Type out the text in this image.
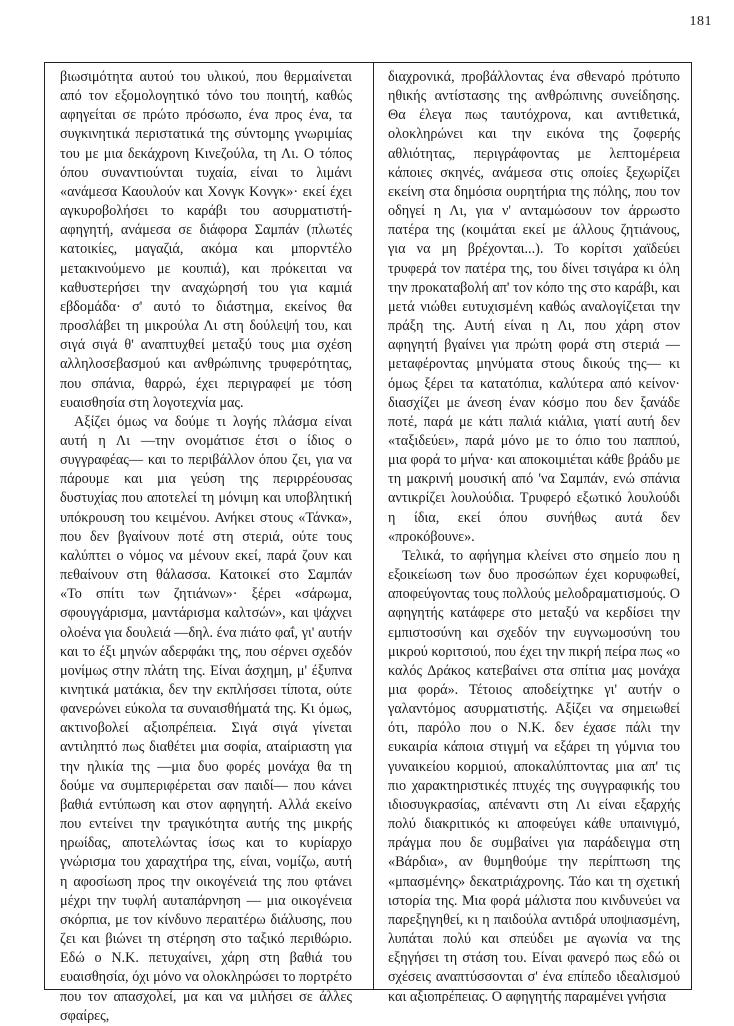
181

βιωσιμότητα αυτού του υλικού, που θερμαίνεται από τον εξομολογητικό τόνο του ποιητή, καθώς αφηγείται σε πρώτο πρόσωπο, ένα προς ένα, τα συγκινητικά περιστατικά της σύντομης γνωριμίας του με μια δεκάχρονη Κινεζούλα, τη Λι. Ο τόπος όπου συναντιούνται τυχαία, είναι το λιμάνι «ανάμεσα Καουλούν και Χονγκ Κονγκ»· εκεί έχει αγκυροβολήσει το καράβι του ασυρματιστή-αφηγητή, ανάμεσα σε διάφορα Σαμπάν (πλωτές κατοικίες, μαγαζιά, ακόμα και μπορντέλο μετακινούμενο με κουπιά), και πρόκειται να καθυστερήσει την αναχώρησή του για καμιά εβδομάδα· σ' αυτό το διάστημα, εκείνος θα προσλάβει τη μικρούλα Λι στη δούλεψή του, και σιγά σιγά θ' αναπτυχθεί μεταξύ τους μια σχέση αλληλοσεβασμού και ανθρώπινης τρυφερότητας, που σπάνια, θαρρώ, έχει περιγραφεί με τόση ευαισθησία στη λογοτεχνία μας.

Αξίζει όμως να δούμε τι λογής πλάσμα είναι αυτή η Λι —την ονομάτισε έτσι ο ίδιος ο συγγραφέας— και το περιβάλλον όπου ζει, για να πάρουμε και μια γεύση της περιρρέουσας δυστυχίας που αποτελεί τη μόνιμη και υποβλητική υπόκρουση του κειμένου. Ανήκει στους «Τάνκα», που δεν βγαίνουν ποτέ στη στεριά, ούτε τους καλύπτει ο νόμος να μένουν εκεί, παρά ζουν και πεθαίνουν στη θάλασσα. Κατοικεί στο Σαμπάν «Το σπίτι των ζητιάνων»· ξέρει «σάρωμα, σφουγγάρισμα, μαντάρισμα καλτσών», και ψάχνει ολοένα για δουλειά —δηλ. ένα πιάτο φαΐ, γι' αυτήν και το έξι μηνών αδερφάκι της, που σέρνει σχεδόν μονίμως στην πλάτη της. Είναι άσχημη, μ' έξυπνα κινητικά ματάκια, δεν την εκπλήσσει τίποτα, ούτε φανερώνει εύκολα τα συναισθήματά της. Κι όμως, ακτινοβολεί αξιοπρέπεια. Σιγά σιγά γίνεται αντιληπτό πως διαθέτει μια σοφία, αταίριαστη για την ηλικία της —μια δυο φορές μονάχα θα τη δούμε να συμπεριφέρεται σαν παιδί— που κάνει βαθιά εντύπωση και στον αφηγητή. Αλλά εκείνο που εντείνει την τραγικότητα αυτής της μικρής ηρωίδας, αποτελώντας ίσως και το κυρίαρχο γνώρισμα του χαραχτήρα της, είναι, νομίζω, αυτή η αφοσίωση προς την οικογένειά της που φτάνει μέχρι την τυφλή αυταπάρνηση — μια οικογένεια σκόρπια, με τον κίνδυνο περαιτέρω διάλυσης, που ζει και βιώνει τη στέρηση στο ταξικό περιθώριο. Εδώ ο Ν.Κ. πετυχαίνει, χάρη στη βαθιά του ευαισθησία, όχι μόνο να ολοκληρώσει το πορτρέτο που τον απασχολεί, μα και να μιλήσει σε άλλες σφαίρες,

διαχρονικά, προβάλλοντας ένα σθεναρό πρότυπο ηθικής αντίστασης της ανθρώπινης συνείδησης. Θα έλεγα πως ταυτόχρονα, και αντιθετικά, ολοκληρώνει και την εικόνα της ζοφερής αθλιότητας, περιγράφοντας με λεπτομέρεια κάποιες σκηνές, ανάμεσα στις οποίες ξεχωρίζει εκείνη στα δημόσια ουρητήρια της πόλης, που τον οδηγεί η Λι, για ν' ανταμώσουν τον άρρωστο πατέρα της (κοιμάται εκεί με άλλους ζητιάνους, για να μη βρέχονται...). Το κορίτσι χαϊδεύει τρυφερά τον πατέρα της, του δίνει τσιγάρα κι όλη την προκαταβολή απ' τον κόπο της στο καράβι, και μετά νιώθει ευτυχισμένη καθώς αναλογίζεται την πράξη της. Αυτή είναι η Λι, που χάρη στον αφηγητή βγαίνει για πρώτη φορά στη στεριά —μεταφέροντας μηνύματα στους δικούς της— κι όμως ξέρει τα κατατόπια, καλύτερα από κείνον· διασχίζει με άνεση έναν κόσμο που δεν ξανάδε ποτέ, παρά με κάτι παλιά κιάλια, γιατί αυτή δεν «ταξιδεύει», παρά μόνο με το όπιο του παππού, μια φορά το μήνα· και αποκοιμιέται κάθε βράδυ με τη μακρινή μουσική από 'να Σαμπάν, ενώ σπάνια αντικρίζει λουλούδια. Τρυφερό εξωτικό λουλούδι η ίδια, εκεί όπου συνήθως αυτά δεν «προκόβουνε».

Τελικά, το αφήγημα κλείνει στο σημείο που η εξοικείωση των δυο προσώπων έχει κορυφωθεί, αποφεύγοντας τους πολλούς μελοδραματισμούς. Ο αφηγητής κατάφερε στο μεταξύ να κερδίσει την εμπιστοσύνη και σχεδόν την ευγνωμοσύνη του μικρού κοριτσιού, που έχει την πικρή πείρα πως «ο καλός Δράκος κατεβαίνει στα σπίτια μας μονάχα μια φορά». Τέτοιος αποδείχτηκε γι' αυτήν ο γαλαντόμος ασυρματιστής. Αξίζει να σημειωθεί ότι, παρόλο που ο Ν.Κ. δεν έχασε πάλι την ευκαιρία κάποια στιγμή να εξάρει τη γύμνια του γυναικείου κορμιού, αποκαλύπτοντας μια απ' τις πιο χαρακτηριστικές πτυχές της συγγραφικής του ιδιοσυγκρασίας, απέναντι στη Λι είναι εξαρχής πολύ διακριτικός κι αποφεύγει κάθε υπαινιγμό, πράγμα που δε συμβαίνει για παράδειγμα στη «Βάρδια», αν θυμηθούμε την περίπτωση της «μπασμένης» δεκατριάχρονης. Τάο και τη σχετική ιστορία της. Μια φορά μάλιστα που κινδυνεύει να παρεξηγηθεί, κι η παιδούλα αντιδρά υποψιασμένη, λυπάται πολύ και σπεύδει με αγωνία να της εξηγήσει τη στάση του. Είναι φανερό πως εδώ οι σχέσεις αναπτύσσονται σ' ένα επίπεδο ιδεαλισμού και αξιοπρέπειας. Ο αφηγητής παραμένει γνήσια
